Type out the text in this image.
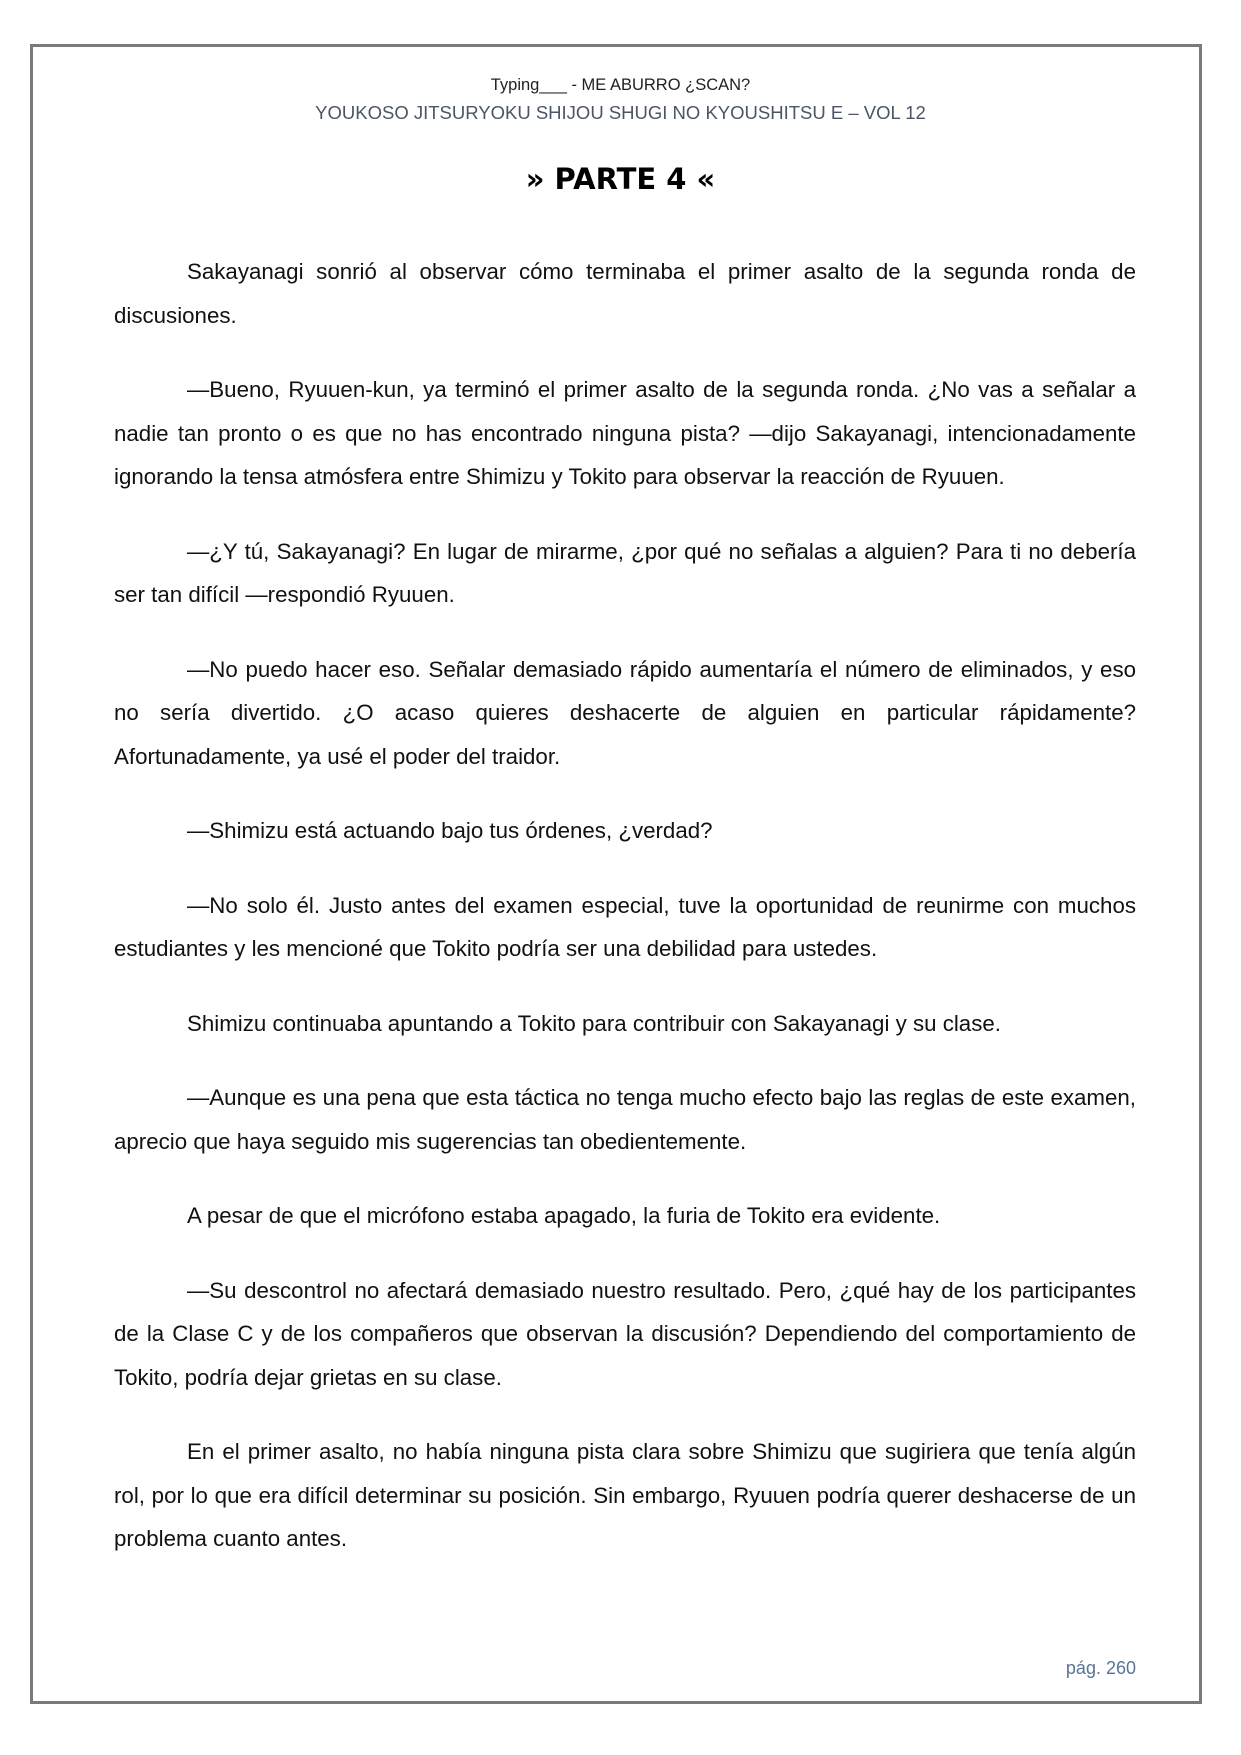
Typing___ - ME ABURRO ¿SCAN?
YOUKOSO JITSURYOKU SHIJOU SHUGI NO KYOUSHITSU E – VOL 12
» PARTE 4 «

Sakayanagi sonrió al observar cómo terminaba el primer asalto de la segunda ronda de discusiones.

—Bueno, Ryuuen-kun, ya terminó el primer asalto de la segunda ronda. ¿No vas a señalar a nadie tan pronto o es que no has encontrado ninguna pista? —dijo Sakayanagi, intencionadamente ignorando la tensa atmósfera entre Shimizu y Tokito para observar la reacción de Ryuuen.

—¿Y tú, Sakayanagi? En lugar de mirarme, ¿por qué no señalas a alguien? Para ti no debería ser tan difícil —respondió Ryuuen.

—No puedo hacer eso. Señalar demasiado rápido aumentaría el número de eliminados, y eso no sería divertido. ¿O acaso quieres deshacerte de alguien en particular rápidamente? Afortunadamente, ya usé el poder del traidor.

—Shimizu está actuando bajo tus órdenes, ¿verdad?

—No solo él. Justo antes del examen especial, tuve la oportunidad de reunirme con muchos estudiantes y les mencioné que Tokito podría ser una debilidad para ustedes.

Shimizu continuaba apuntando a Tokito para contribuir con Sakayanagi y su clase.

—Aunque es una pena que esta táctica no tenga mucho efecto bajo las reglas de este examen, aprecio que haya seguido mis sugerencias tan obedientemente.

A pesar de que el micrófono estaba apagado, la furia de Tokito era evidente.

—Su descontrol no afectará demasiado nuestro resultado. Pero, ¿qué hay de los participantes de la Clase C y de los compañeros que observan la discusión? Dependiendo del comportamiento de Tokito, podría dejar grietas en su clase.

En el primer asalto, no había ninguna pista clara sobre Shimizu que sugiriera que tenía algún rol, por lo que era difícil determinar su posición. Sin embargo, Ryuuen podría querer deshacerse de un problema cuanto antes.

pág. 260
